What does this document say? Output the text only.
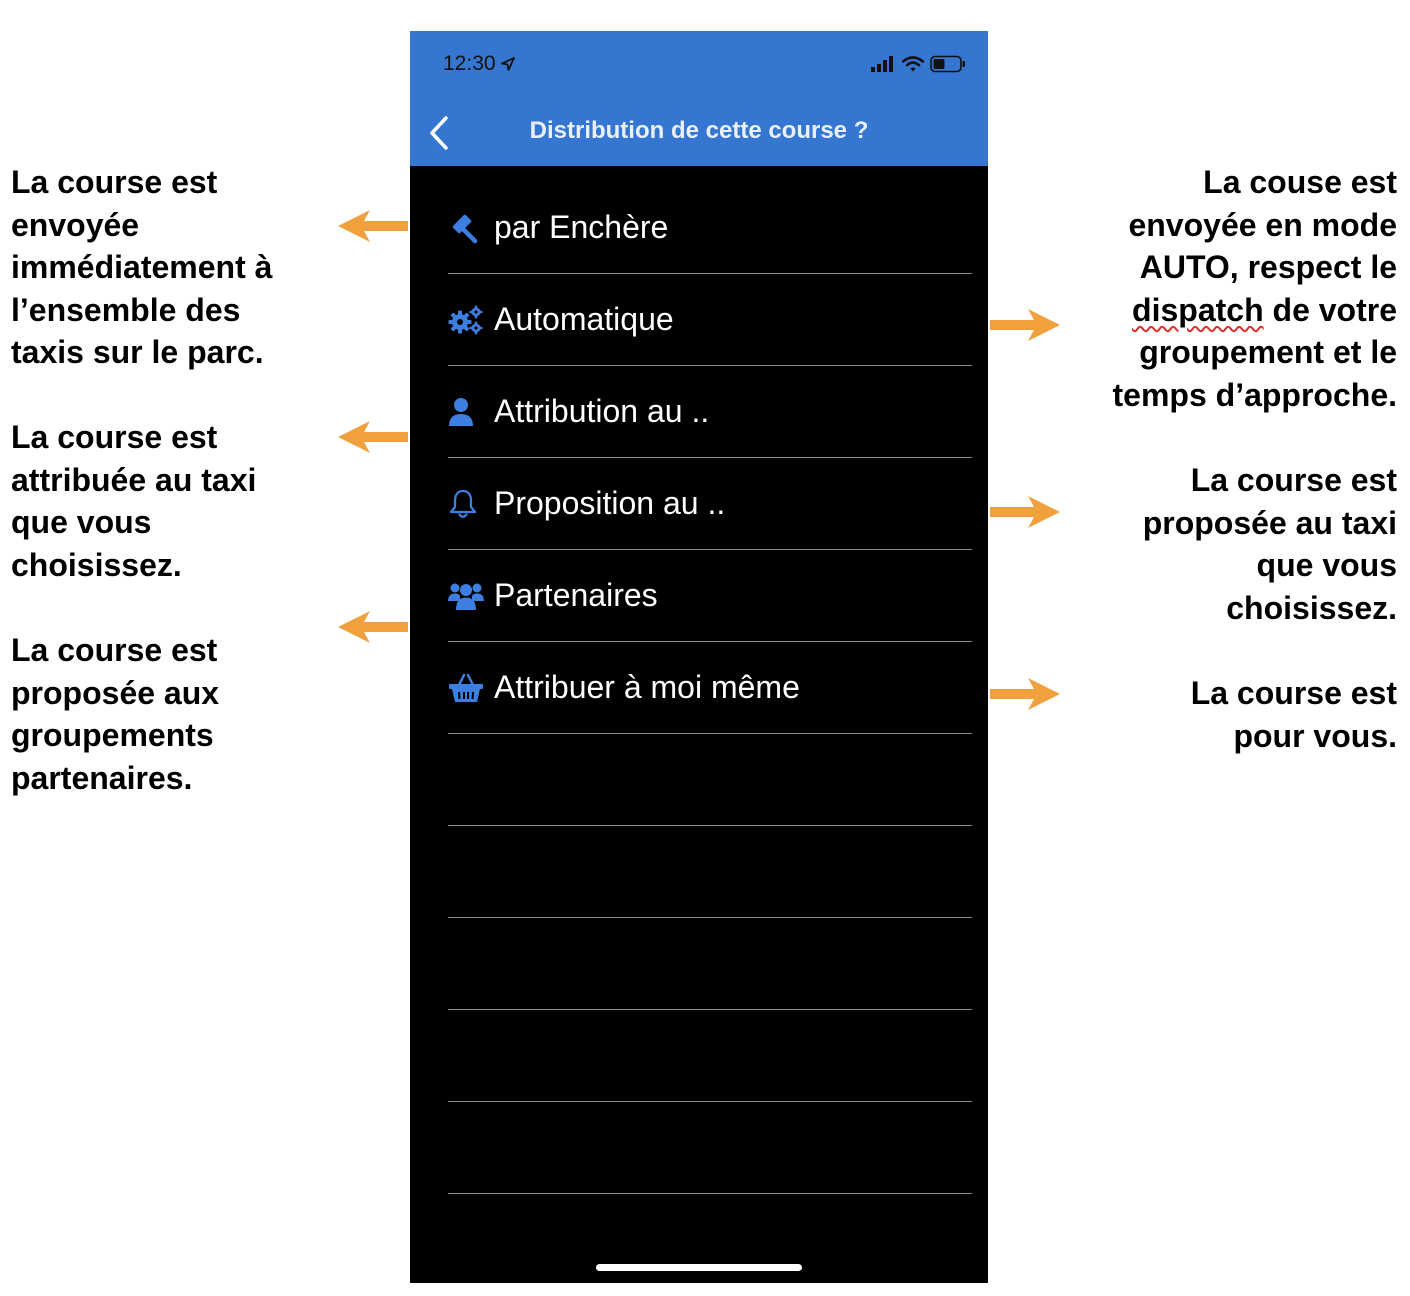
12:30
Distribution de cette course ?
par Enchère
Automatique
Attribution au ..
Proposition au ..
Partenaires
Attribuer à moi même
La course est
envoyée
immédiatement à
l’ensemble des
taxis sur le parc.
La course est
attribuée au taxi
que vous
choisissez.
La course est
proposée aux
groupements
partenaires.
La couse est
envoyée en mode
AUTO, respect le
dispatch de votre
groupement et le
temps d’approche.
La course est
proposée au taxi
que vous
choisissez.
La course est
pour vous.
